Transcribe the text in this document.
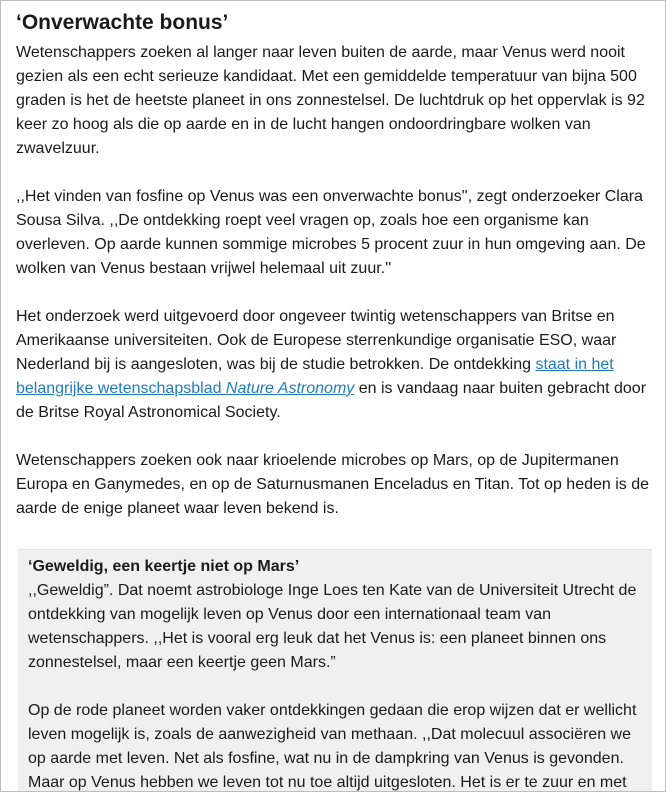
‘Onverwachte bonus’

Wetenschappers zoeken al langer naar leven buiten de aarde, maar Venus werd nooit gezien als een echt serieuze kandidaat. Met een gemiddelde temperatuur van bijna 500 graden is het de heetste planeet in ons zonnestelsel. De luchtdruk op het oppervlak is 92 keer zo hoog als die op aarde en in de lucht hangen ondoordringbare wolken van zwavelzuur.

,,Het vinden van fosfine op Venus was een onverwachte bonus'', zegt onderzoeker Clara Sousa Silva. ,,De ontdekking roept veel vragen op, zoals hoe een organisme kan overleven. Op aarde kunnen sommige microbes 5 procent zuur in hun omgeving aan. De wolken van Venus bestaan vrijwel helemaal uit zuur.''

Het onderzoek werd uitgevoerd door ongeveer twintig wetenschappers van Britse en Amerikaanse universiteiten. Ook de Europese sterrenkundige organisatie ESO, waar Nederland bij is aangesloten, was bij de studie betrokken. De ontdekking staat in het belangrijke wetenschapsblad Nature Astronomy en is vandaag naar buiten gebracht door de Britse Royal Astronomical Society.

Wetenschappers zoeken ook naar krioelende microbes op Mars, op de Jupitermanen Europa en Ganymedes, en op de Saturnusmanen Enceladus en Titan. Tot op heden is de aarde de enige planeet waar leven bekend is.

‘Geweldig, een keertje niet op Mars’

,,Geweldig”. Dat noemt astrobiologe Inge Loes ten Kate van de Universiteit Utrecht de ontdekking van mogelijk leven op Venus door een internationaal team van wetenschappers. ,,Het is vooral erg leuk dat het Venus is: een planeet binnen ons zonnestelsel, maar een keertje geen Mars.”

Op de rode planeet worden vaker ontdekkingen gedaan die erop wijzen dat er wellicht leven mogelijk is, zoals de aanwezigheid van methaan. ,,Dat molecuul associëren we op aarde met leven. Net als fosfine, wat nu in de dampkring van Venus is gevonden. Maar op Venus hebben we leven tot nu toe altijd uitgesloten. Het is er te zuur en met
